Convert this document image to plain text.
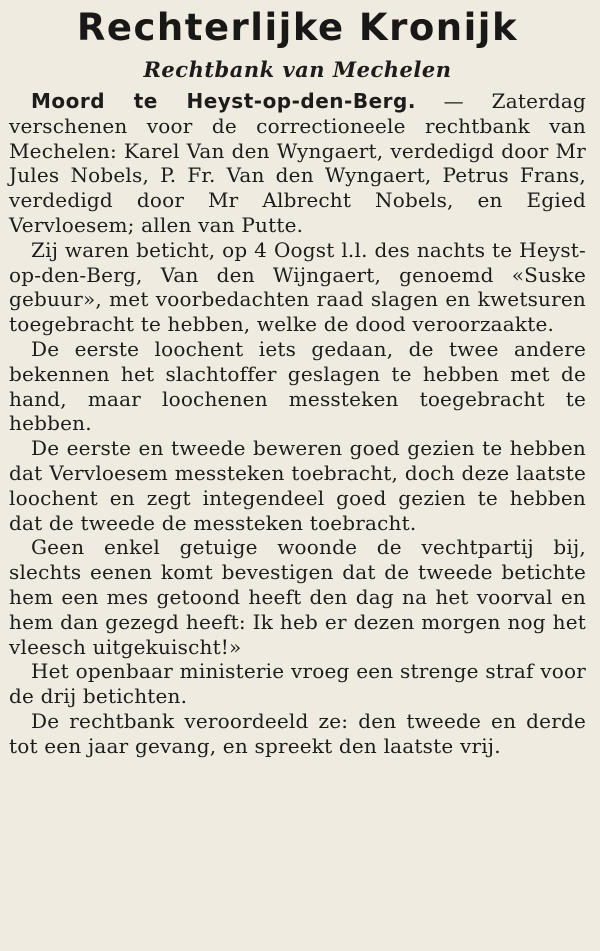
Rechterlijke Kronijk
Rechtbank van Mechelen

Moord te Heyst-op-den-Berg. — Zaterdag verschenen voor de correctioneele rechtbank van Mechelen: Karel Van den Wyngaert, verdedigd door Mr Jules Nobels, P. Fr. Van den Wyngaert, Petrus Frans, verdedigd door Mr Albrecht Nobels, en Egied Vervloesem; allen van Putte.

Zij waren beticht, op 4 Oogst l.l. des nachts te Heyst-op-den-Berg, Van den Wijngaert, genoemd «Suske gebuur», met voorbedachten raad slagen en kwetsuren toegebracht te hebben, welke de dood veroorzaakte.

De eerste loochent iets gedaan, de twee andere bekennen het slachtoffer geslagen te hebben met de hand, maar loochenen messteken toegebracht te hebben.

De eerste en tweede beweren goed gezien te hebben dat Vervloesem messteken toebracht, doch deze laatste loochent en zegt integendeel goed gezien te hebben dat de tweede de messteken toebracht.

Geen enkel getuige woonde de vechtpartij bij, slechts eenen komt bevestigen dat de tweede betichte hem een mes getoond heeft den dag na het voorval en hem dan gezegd heeft: Ik heb er dezen morgen nog het vleesch uitgekuischt!»

Het openbaar ministerie vroeg een strenge straf voor de drij betichten.

De rechtbank veroordeeld ze: den tweede en derde tot een jaar gevang, en spreekt den laatste vrij.
